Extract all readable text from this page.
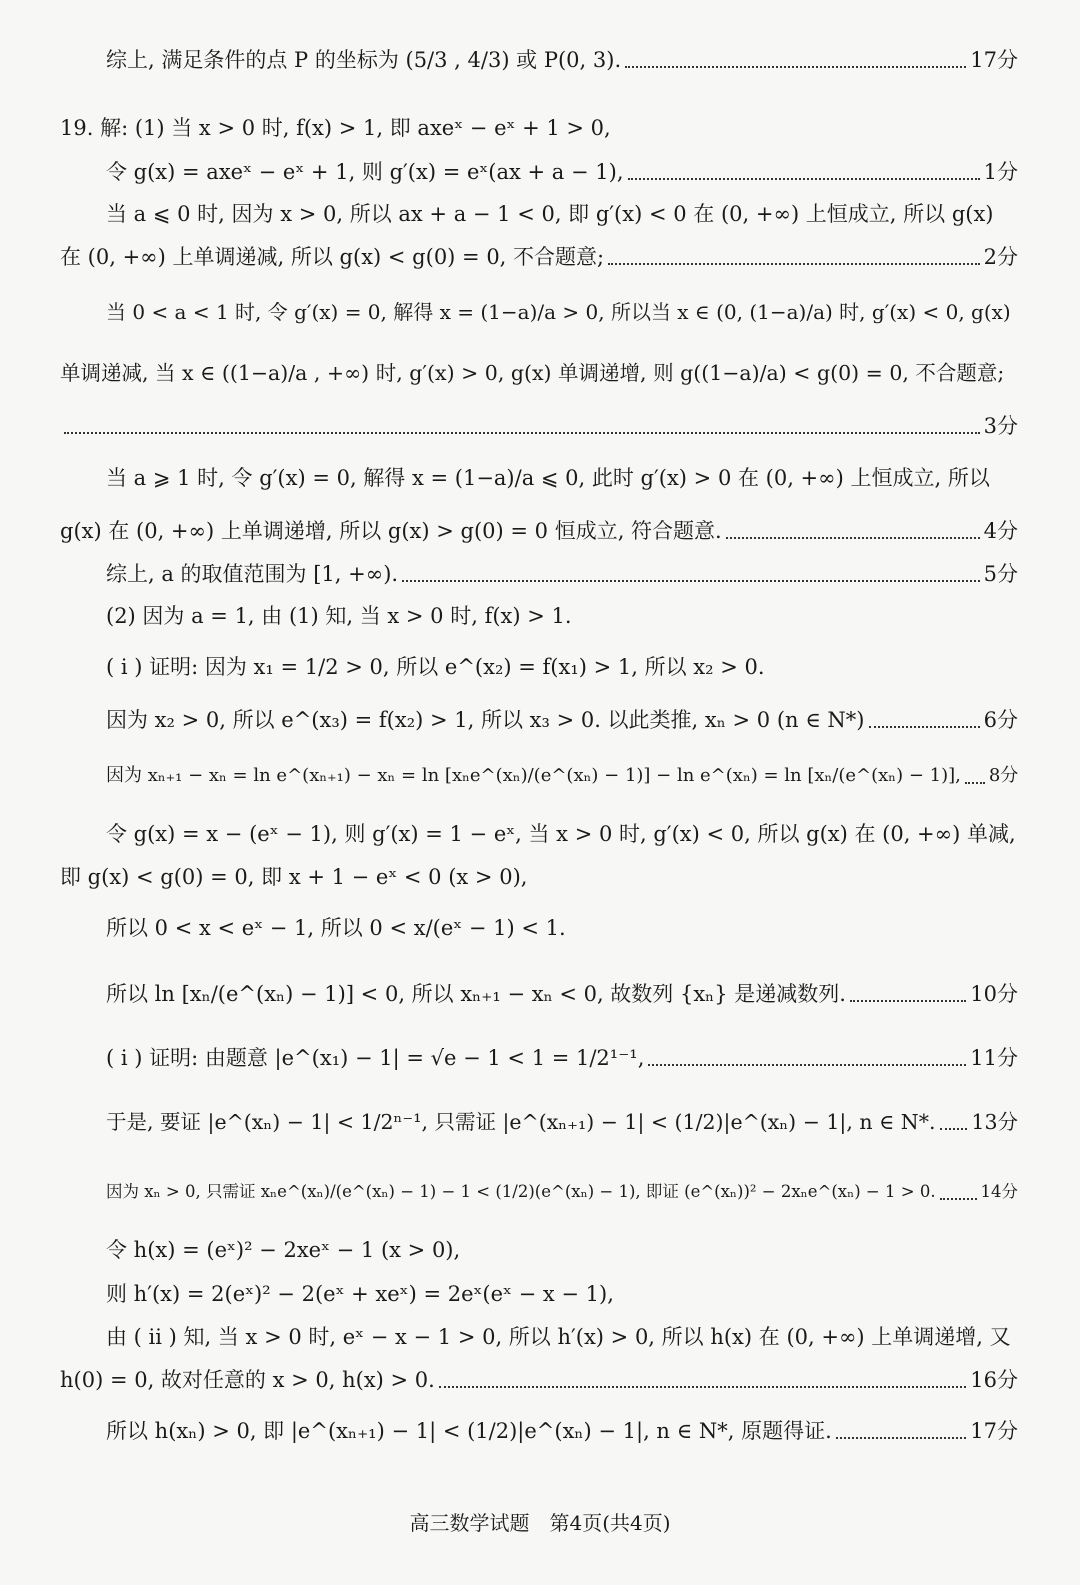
综上, 满足条件的点 P 的坐标为 (5/3 , 4/3) 或 P(0, 3).	17分
19. 解: (1) 当 x > 0 时, f(x) > 1, 即 axeˣ − eˣ + 1 > 0,
令 g(x) = axeˣ − eˣ + 1, 则 g′(x) = eˣ(ax + a − 1),	1分
当 a ⩽ 0 时, 因为 x > 0, 所以 ax + a − 1 < 0, 即 g′(x) < 0 在 (0, +∞) 上恒成立, 所以 g(x)
在 (0, +∞) 上单调递减, 所以 g(x) < g(0) = 0, 不合题意;	2分
当 0 < a < 1 时, 令 g′(x) = 0, 解得 x = (1−a)/a > 0, 所以当 x ∈ (0, (1−a)/a) 时, g′(x) < 0, g(x)
单调递减, 当 x ∈ ((1−a)/a , +∞) 时, g′(x) > 0, g(x) 单调递增, 则 g((1−a)/a) < g(0) = 0, 不合题意;
3分
当 a ⩾ 1 时, 令 g′(x) = 0, 解得 x = (1−a)/a ⩽ 0, 此时 g′(x) > 0 在 (0, +∞) 上恒成立, 所以
g(x) 在 (0, +∞) 上单调递增, 所以 g(x) > g(0) = 0 恒成立, 符合题意.	4分
综上, a 的取值范围为 [1, +∞).	5分
(2) 因为 a = 1, 由 (1) 知, 当 x > 0 时, f(x) > 1.
( i ) 证明: 因为 x₁ = 1/2 > 0, 所以 e^(x₂) = f(x₁) > 1, 所以 x₂ > 0.
因为 x₂ > 0, 所以 e^(x₃) = f(x₂) > 1, 所以 x₃ > 0. 以此类推, xₙ > 0 (n ∈ N*)	6分
因为 xₙ₊₁ − xₙ = ln e^(xₙ₊₁) − xₙ = ln [xₙe^(xₙ)/(e^(xₙ) − 1)] − ln e^(xₙ) = ln [xₙ/(e^(xₙ) − 1)], 8分
令 g(x) = x − (eˣ − 1), 则 g′(x) = 1 − eˣ, 当 x > 0 时, g′(x) < 0, 所以 g(x) 在 (0, +∞) 单减,
即 g(x) < g(0) = 0, 即 x + 1 − eˣ < 0 (x > 0),
所以 0 < x < eˣ − 1, 所以 0 < x/(eˣ − 1) < 1.
所以 ln [xₙ/(e^(xₙ) − 1)] < 0, 所以 xₙ₊₁ − xₙ < 0, 故数列 {xₙ} 是递减数列.	10分
( i ) 证明: 由题意 |e^(x₁) − 1| = √e − 1 < 1 = 1/2¹⁻¹,	11分
于是, 要证 |e^(xₙ) − 1| < 1/2ⁿ⁻¹, 只需证 |e^(xₙ₊₁) − 1| < (1/2)|e^(xₙ) − 1|, n ∈ N*. 13分
因为 xₙ > 0, 只需证 xₙe^(xₙ)/(e^(xₙ) − 1) − 1 < (1/2)(e^(xₙ) − 1), 即证 (e^(xₙ))² − 2xₙe^(xₙ) − 1 > 0.	14分
令 h(x) = (eˣ)² − 2xeˣ − 1 (x > 0),
则 h′(x) = 2(eˣ)² − 2(eˣ + xeˣ) = 2eˣ(eˣ − x − 1),
由 ( ii ) 知, 当 x > 0 时, eˣ − x − 1 > 0, 所以 h′(x) > 0, 所以 h(x) 在 (0, +∞) 上单调递增, 又
h(0) = 0, 故对任意的 x > 0, h(x) > 0.	16分
所以 h(xₙ) > 0, 即 |e^(xₙ₊₁) − 1| < (1/2)|e^(xₙ) − 1|, n ∈ N*, 原题得证.	17分
高三数学试题　第4页(共4页)
